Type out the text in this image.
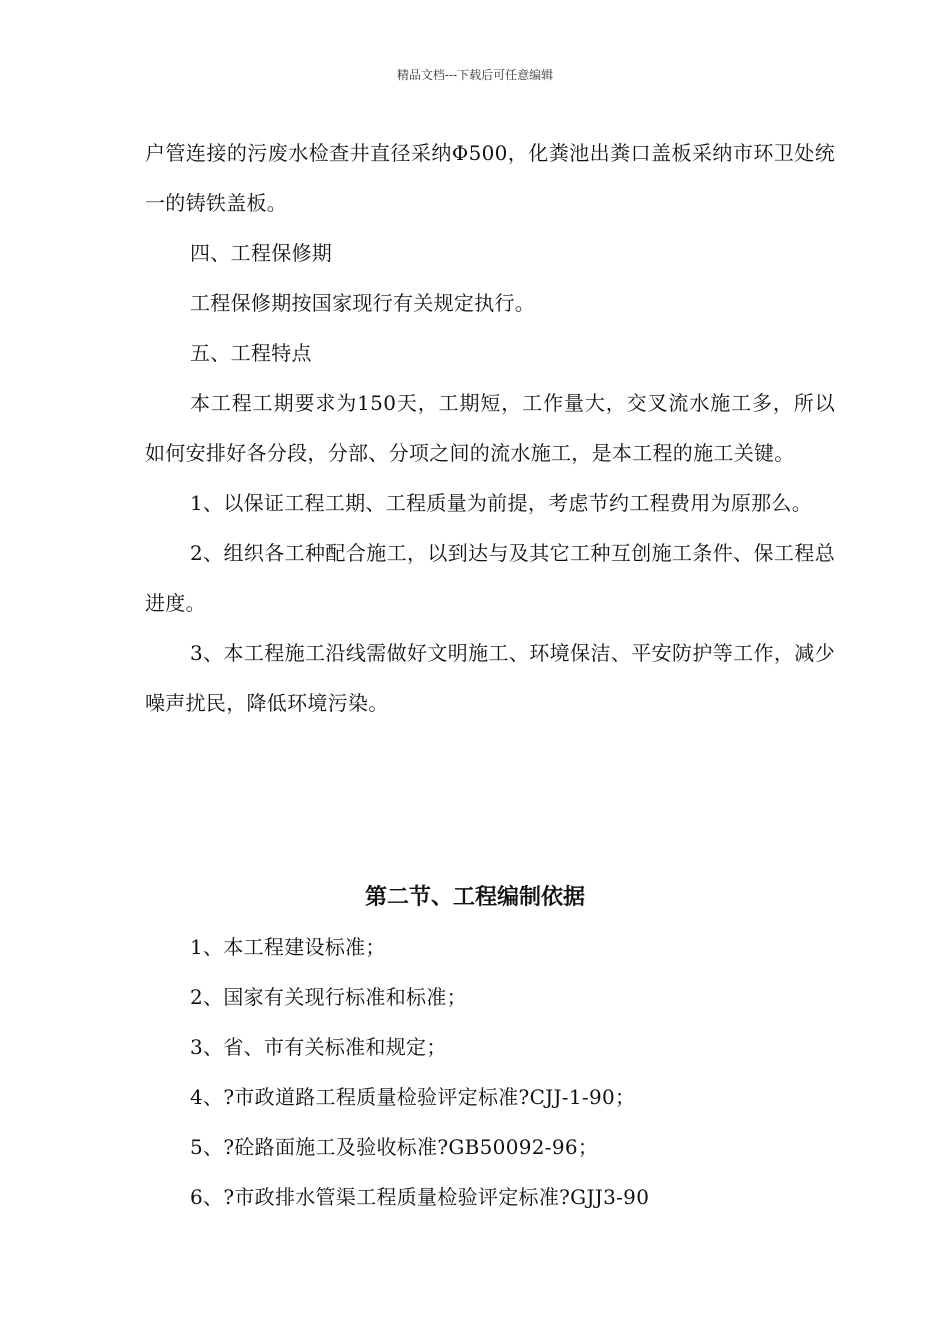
精品文档---下载后可任意编辑

户管连接的污废水检查井直径采纳Φ500，化粪池出粪口盖板采纳市环卫处统一的铸铁盖板。

四、工程保修期

工程保修期按国家现行有关规定执行。

五、工程特点

本工程工期要求为150天，工期短，工作量大，交叉流水施工多，所以如何安排好各分段，分部、分项之间的流水施工，是本工程的施工关键。

1、以保证工程工期、工程质量为前提，考虑节约工程费用为原那么。

2、组织各工种配合施工，以到达与及其它工种互创施工条件、保工程总进度。

3、本工程施工沿线需做好文明施工、环境保洁、平安防护等工作，减少噪声扰民，降低环境污染。

第二节、工程编制依据

1、本工程建设标准；

2、国家有关现行标准和标准；

3、省、市有关标准和规定；

4、?市政道路工程质量检验评定标准?CJJ-1-90；

5、?砼路面施工及验收标准?GB50092-96；

6、?市政排水管渠工程质量检验评定标准?GJJ3-90
